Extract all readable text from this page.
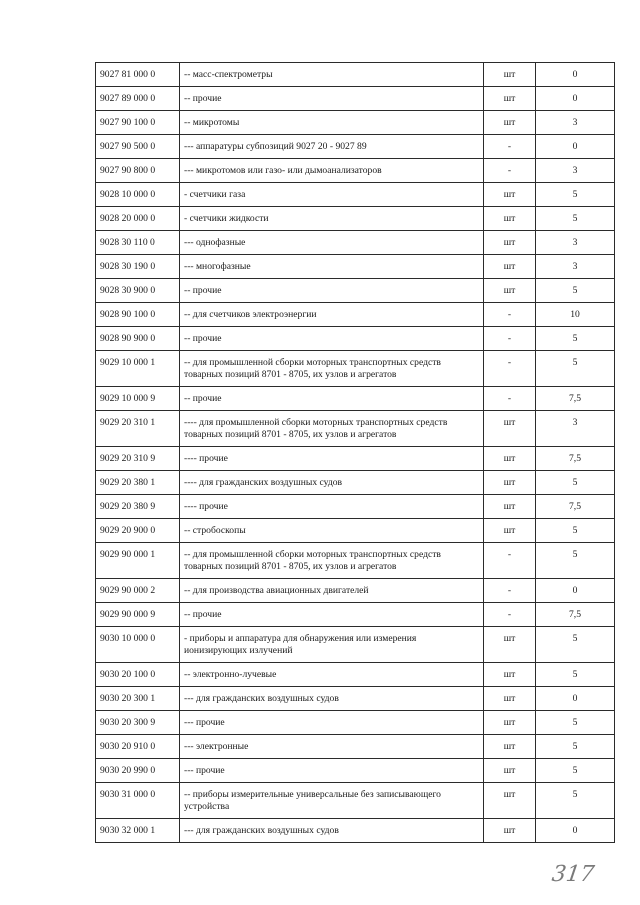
9027 81 000 0	-- масс-спектрометры	шт	0
9027 89 000 0	-- прочие	шт	0
9027 90 100 0	-- микротомы	шт	3
9027 90 500 0	--- аппаратуры субпозиций 9027 20 - 9027 89	-	0
9027 90 800 0	--- микротомов или газо- или дымоанализаторов	-	3
9028 10 000 0	- счетчики газа	шт	5
9028 20 000 0	- счетчики жидкости	шт	5
9028 30 110 0	--- однофазные	шт	3
9028 30 190 0	--- многофазные	шт	3
9028 30 900 0	-- прочие	шт	5
9028 90 100 0	-- для счетчиков электроэнергии	-	10
9028 90 900 0	-- прочие	-	5
9029 10 000 1	-- для промышленной сборки моторных транспортных средств товарных позиций 8701 - 8705, их узлов и агрегатов	-	5
9029 10 000 9	-- прочие	-	7,5
9029 20 310 1	---- для промышленной сборки моторных транспортных средств товарных позиций 8701 - 8705, их узлов и агрегатов	шт	3
9029 20 310 9	---- прочие	шт	7,5
9029 20 380 1	---- для гражданских воздушных судов	шт	5
9029 20 380 9	---- прочие	шт	7,5
9029 20 900 0	-- стробоскопы	шт	5
9029 90 000 1	-- для промышленной сборки моторных транспортных средств товарных позиций 8701 - 8705, их узлов и агрегатов	-	5
9029 90 000 2	-- для производства авиационных двигателей	-	0
9029 90 000 9	-- прочие	-	7,5
9030 10 000 0	- приборы и аппаратура для обнаружения или измерения ионизирующих излучений	шт	5
9030 20 100 0	-- электронно-лучевые	шт	5
9030 20 300 1	--- для гражданских воздушных судов	шт	0
9030 20 300 9	--- прочие	шт	5
9030 20 910 0	--- электронные	шт	5
9030 20 990 0	--- прочие	шт	5
9030 31 000 0	-- приборы измерительные универсальные без записывающего устройства	шт	5
9030 32 000 1	--- для гражданских воздушных судов	шт	0
317
